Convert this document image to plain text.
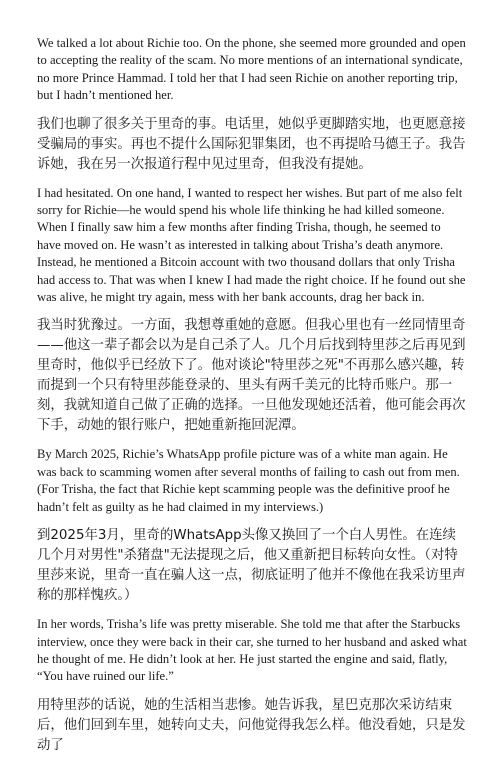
We talked a lot about Richie too. On the phone, she seemed more grounded and open to accepting the reality of the scam. No more mentions of an international syndicate, no more Prince Hammad. I told her that I had seen Richie on another reporting trip, but I hadn’t mentioned her.

我们也聊了很多关于里奇的事。电话里，她似乎更脚踏实地，也更愿意接受骗局的事实。再也不提什么国际犯罪集团，也不再提哈马德王子。我告诉她，我在另一次报道行程中见过里奇，但我没有提她。

I had hesitated. On one hand, I wanted to respect her wishes. But part of me also felt sorry for Richie—he would spend his whole life thinking he had killed someone. When I finally saw him a few months after finding Trisha, though, he seemed to have moved on. He wasn’t as interested in talking about Trisha’s death anymore. Instead, he mentioned a Bitcoin account with two thousand dollars that only Trisha had access to. That was when I knew I had made the right choice. If he found out she was alive, he might try again, mess with her bank accounts, drag her back in.

我当时犹豫过。一方面，我想尊重她的意愿。但我心里也有一丝同情里奇——他这一辈子都会以为是自己杀了人。几个月后找到特里莎之后再见到里奇时，他似乎已经放下了。他对谈论"特里莎之死"不再那么感兴趣，转而提到一个只有特里莎能登录的、里头有两千美元的比特币账户。那一刻，我就知道自己做了正确的选择。一旦他发现她还活着，他可能会再次下手，动她的银行账户，把她重新拖回泥潭。

By March 2025, Richie’s WhatsApp profile picture was of a white man again. He was back to scamming women after several months of failing to cash out from men. (For Trisha, the fact that Richie kept scamming people was the definitive proof he hadn’t felt as guilty as he had claimed in my interviews.)

到2025年3月，里奇的WhatsApp头像又换回了一个白人男性。在连续几个月对男性"杀猪盘"无法提现之后，他又重新把目标转向女性。（对特里莎来说，里奇一直在骗人这一点，彻底证明了他并不像他在我采访里声称的那样愧疚。）

In her words, Trisha’s life was pretty miserable. She told me that after the Starbucks interview, once they were back in their car, she turned to her husband and asked what he thought of me. He didn’t look at her. He just started the engine and said, flatly, “You have ruined our life.”

用特里莎的话说，她的生活相当悲惨。她告诉我，星巴克那次采访结束后，他们回到车里，她转向丈夫，问他觉得我怎么样。他没看她，只是发动了
